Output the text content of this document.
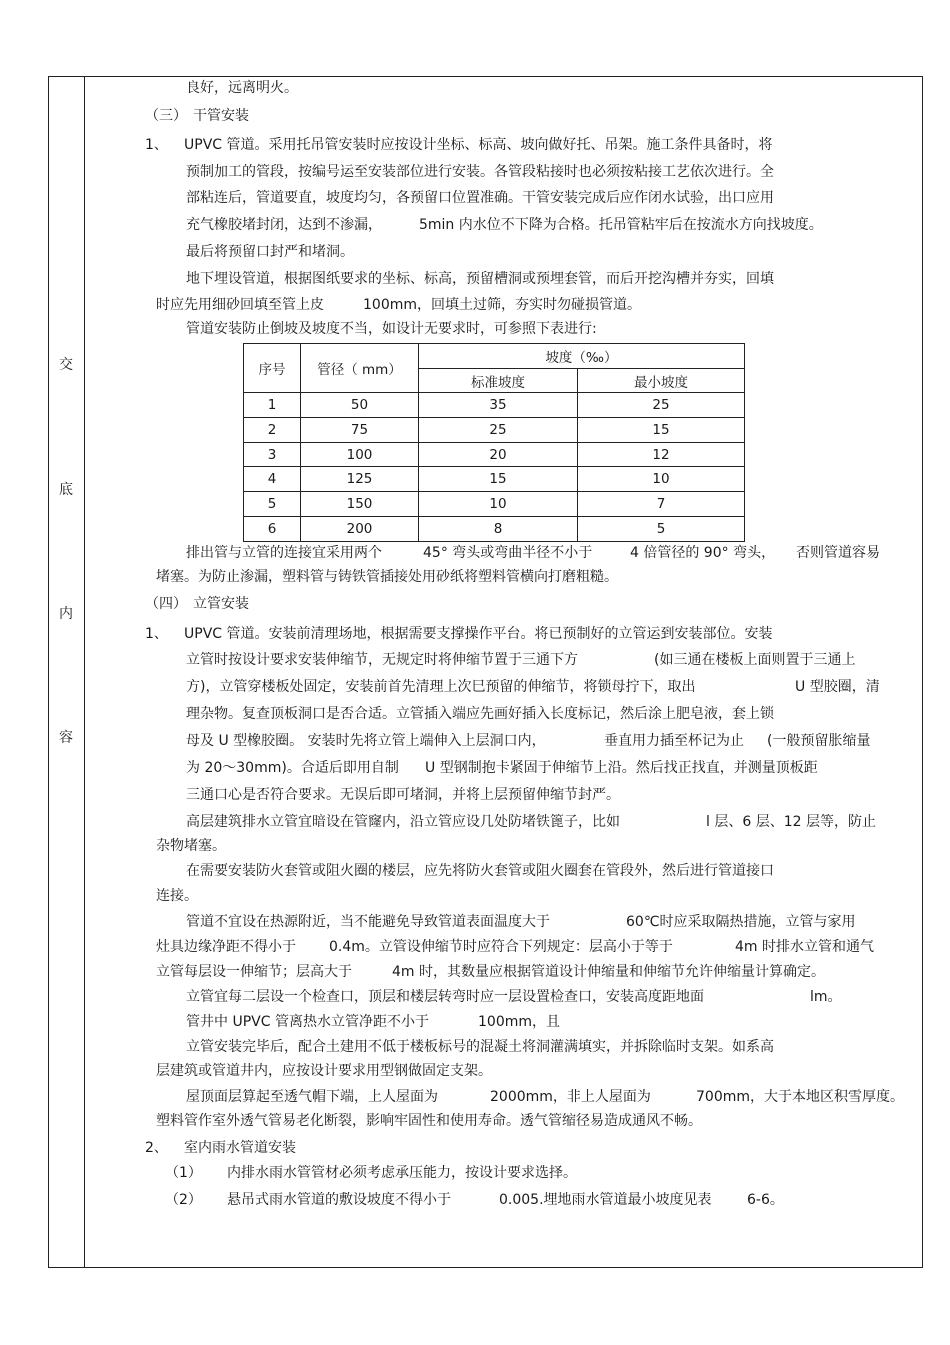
交
底
内
容
良好，远离明火。
（三） 干管安装
1、 UPVC 管道。采用托吊管安装时应按设计坐标、标高、坡向做好托、吊架。施工条件具备时，将
预制加工的管段，按编号运至安装部位进行安装。各管段粘接时也必须按粘接工艺依次进行。全
部粘连后，管道要直，坡度均匀，各预留口位置准确。干管安装完成后应作闭水试验，出口应用
充气橡胶堵封闭，达到不渗漏，	5min 内水位不下降为合格。托吊管粘牢后在按流水方向找坡度。
最后将预留口封严和堵洞。
地下埋设管道，根据图纸要求的坐标、标高，预留槽洞或预埋套管，而后开挖沟槽并夯实，回填
时应先用细砂回填至管上皮	100mm，回填土过筛，夯实时勿碰损管道。
管道安装防止倒坡及坡度不当，如设计无要求时，可参照下表进行:
序号	管径（ mm）	坡度（‰）	
		标准坡度	最小坡度
1	50	35	25
2	75	25	15
3	100	20	12
4	125	15	10
5	150	10	7
6	200	8	5
排出管与立管的连接宜采用两个	45° 弯头或弯曲半径不小于	4 倍管径的 90° 弯头， 否则管道容易
堵塞。为防止渗漏，塑料管与铸铁管插接处用砂纸将塑料管横向打磨粗糙。
（四） 立管安装
1、 UPVC 管道。安装前清理场地，根据需要支撑操作平台。将已预制好的立管运到安装部位。安装
立管时按设计要求安装伸缩节，无规定时将伸缩节置于三通下方	(如三通在楼板上面则置于三通上
方)，立管穿楼板处固定，安装前首先清理上次巳预留的伸缩节，将锁母拧下，取出	U 型胶圈，清
理杂物。复查顶板洞口是否合适。立管插入端应先画好插入长度标记，然后涂上肥皂液，套上锁
母及 U 型橡胶圈。 安装时先将立管上端伸入上层洞口内，	垂直用力插至杯记为止 (一般预留胀缩量
为 20～30mm)。合适后即用自制 U 型钢制抱卡紧固于伸缩节上沿。然后找正找直，并测量顶板距
三通口心是否符合要求。无误后即可堵洞，并将上层预留伸缩节封严。
高层建筑排水立管宜暗设在管窿内，沿立管应设几处防堵铁篦子，比如	l 层、6 层、12 层等，防止
杂物堵塞。
在需要安装防火套管或阻火圈的楼层，应先将防火套管或阻火圈套在管段外，然后进行管道接口
连接。
管道不宜设在热源附近，当不能避免导致管道表面温度大于	60℃时应采取隔热措施，立管与家用
灶具边缘净距不得小于 0.4m。立管设伸缩节时应符合下列规定：层高小于等于	4m 时排水立管和通气
立管每层设一伸缩节；层高大于	4m 时，其数量应根据管道设计伸缩量和伸缩节允许伸缩量计算确定。
立管宜每二层设一个检查口，顶层和楼层转弯时应一层设置检查口，安装高度距地面	lm。
管井中 UPVC 管离热水立管净距不小于	100mm，且
立管安装完毕后，配合土建用不低于楼板标号的混凝土将洞灌满填实，并拆除临时支架。如系高
层建筑或管道井内，应按设计要求用型钢做固定支架。
屋顶面层算起至透气帽下端，上人屋面为	2000mm，非上人屋面为	700mm，大于本地区积雪厚度。
塑料管作室外透气管易老化断裂，影响牢固性和使用寿命。透气管缩径易造成通风不畅。
2、 室内雨水管道安装
（1） 内排水雨水管管材必须考虑承压能力，按设计要求选择。
（2） 悬吊式雨水管道的敷设坡度不得小于	0.005.埋地雨水管道最小坡度见表	6-6。
